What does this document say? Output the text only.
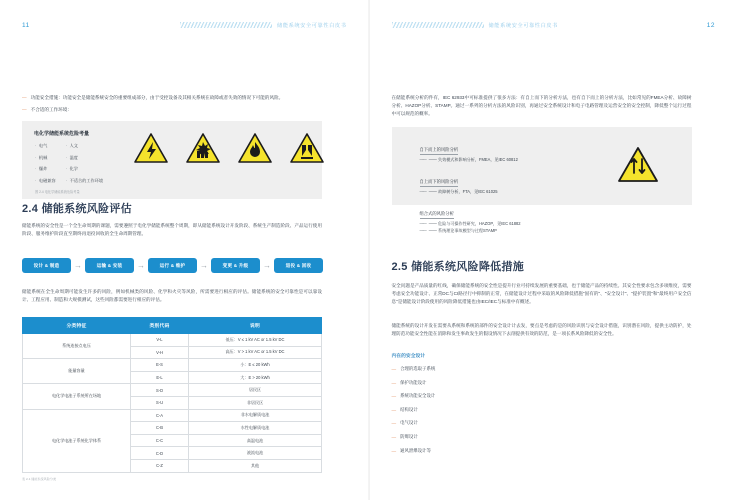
11	储能系统安全可靠性白皮书
— 功能安全措施：功能安全是储能系统安全的重要组成部分，由于受控设备及其相关系统在故障或者失效的情况下可能的风险。
— 不合适的工作环境：
电化学储能系统危险考量
· 电气
· 机械
· 爆炸
· 电磁兼容
· 人文
· 温度
· 化学
· 不适合的工作环境
图 2-4 电化学储能系统危险考量
2.4 储能系统风险评估
储能系统的安全性是一个全生命周期的课题，需要遵照于电化学储能系统整个周期，即从储能系统设计开发阶段、系统生产制造阶段、产品运行使用阶段、服务维护阶段直至期终再退役回收的全生命周期管理。
设计 & 制造	→	运输 & 安装	→	运行 & 维护	→	变更 & 升级	→	退役 & 回收
储能系统在全生命周期可能发生许多的风险，例如机械类的风险、化学和火灾等风险，所需要进行相应的评估。储能系统的安全可靠性是可以靠设计、工程应用、制造和大规模测试，这些风险都需要进行相应的评估。
分类特征	类别代码	说明
系统连接点电压	V-L	低压：V ≤ 1 kV AC or 1.5 kV DC
	V-H	高压：V > 1 kV AC or 1.5 kV DC
能量容量	E-S	小：E ≤ 20 kWh
	E-L	大：E > 20 kWh
电化学电池子系统所在场地	S-D	居民区
	S-U	非居民区
电化学电池子系统化学体系	C-A	非水电解质电池
	C-B	水性电解质电池
	C-C	高温电池
	C-D	液流电池
	C-Z	其他
表 2-1 储能系统风险分类
储能系统安全可靠性白皮书	12
在储能系统分析的件有，IEC 62933中可标准提供了很多方法：有自上而下的分析方法，也有自下而上的分析方法，比如常见的FMEA分析、故障树分析、HAZOP分析、STAMP。通过一系列的分析方法的风险识别，再通过安全系统设计和电子电路管理及运营安全的安全控制，降低整个运行过程中可以规范的概率。
自下而上的风险分析
—— —— 失效模式和影响分析，FMEA，见IEC 60812
自上而下的风险分析
—— —— 故障树分析，FTA，见IEC 61025
组合式的风险分析
—— —— 危险与可操作性研究，HAZOP，见IEC 61882
—— —— 系统理论事故模型与过程STAMP
2.5 储能系统风险降低措施
安全问题是产品质量的红线，确保储能系统的安全性是提升行业可持续发展的重要基础，也于储能产品的持续性。其安全性要求包含多项维度，需要考虑安全功能设计、正常DC与CI路径行中抑制的正常，在储能设计过程中采取的风险降低措施"固有的"、"安全设计"、"提护装置"和"最终用户安全信息"是储能设计阶段使用的风险降低措施也由IEC/IEC与标准中有概述。
储能系统的设计开发在需要从系统和系统的部件的安全设计计去发，要点是考虑的是的风险识别与安全设计措施，识别潜在风险，提供主动防护，处理防范功能安全性能在消除和发生事故发生的假设情况下去削提供有效的防范，是一项长系风险降低的安全性。
内在的安全设计
— 合理的选取子系统
— 保护功能设计
— 系统功能安全设计
— 结构设计
— 电气设计
— 防爆设计
— 通风泄爆设计等
